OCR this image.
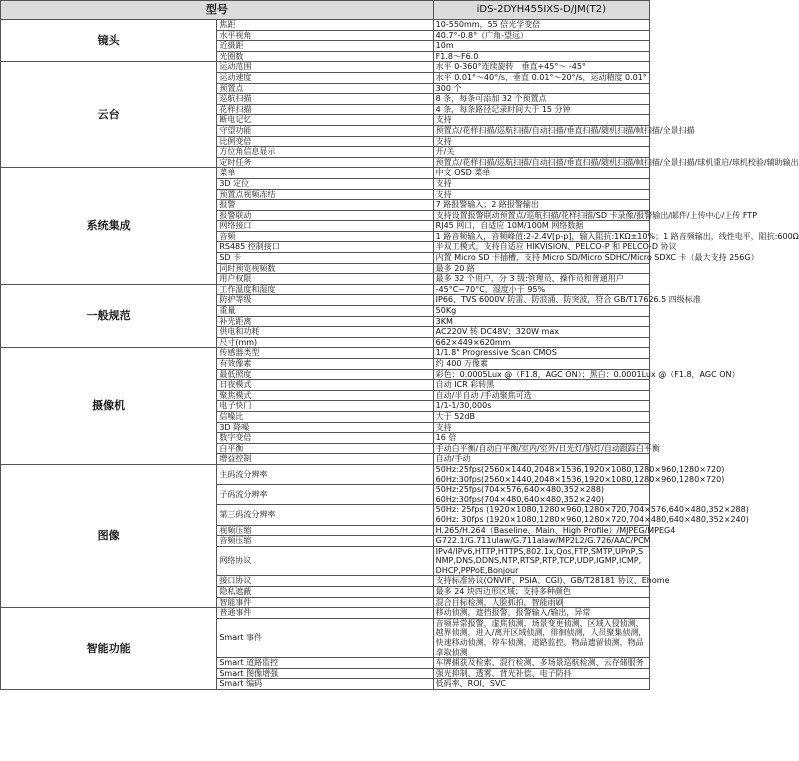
型号		iDS-2DYH455IXS-D/JM(T2)
镜头	焦距	10-550mm，55 倍光学变倍
	水平视角	40.7°-0.8°（广角-望远）
	近摄距	10m
	光圈数	F1.8～F6.0
云台	运动范围	水平 0-360°连续旋转　垂直+45°～ -45°
	运动速度	水平 0.01°～40°/s，垂直 0.01°～20°/s，运动精度 0.01°
	预置点	300 个
	巡航扫描	8 条，每条可添加 32 个预置点
	花样扫描	4 条，每条路径记录时间大于 15 分钟
	断电记忆	支持
	守望功能	预置点/花样扫描/巡航扫描/自动扫描/垂直扫描/随机扫描/帧扫描/全景扫描
	比例变倍	支持
	方位角信息显示	开/关
	定时任务	预置点/花样扫描/巡航扫描/自动扫描/垂直扫描/随机扫描/帧扫描/全景扫描/球机重启/球机校验/辅助输出
系统集成	菜单	中文 OSD 菜单
	3D 定位	支持
	预置点视频冻结	支持
	报警	7 路报警输入；2 路报警输出
	报警联动	支持设置报警联动预置点/巡航扫描/花样扫描/SD 卡录像/报警输出/邮件/上传中心/上传 FTP
	网络接口	RJ45 网口，自适应 10M/100M 网络数据
	音频	1 路音频输入，音频峰值:2-2.4V[p-p]，输入阻抗:1KΩ±10%；1 路音频输出，线性电平，阻抗:600Ω
	RS485 控制接口	半双工模式，支持自适应 HIKVISION、PELCO-P 和 PELCO-D 协议
	SD 卡	内置 Micro SD 卡插槽，支持 Micro SD/Micro SDHC/Micro SDXC 卡（最大支持 256G）
	同时预览视频数	最多 20 路
	用户权限	最多 32 个用户，分 3 级:管理员、操作员和普通用户
一般规范	工作温度和湿度	-45°C~70°C，湿度小于 95%
	防护等级	IP66、TVS 6000V 防雷、防浪涌、防突波，符合 GB/T17626.5 四级标准
	重量	50Kg
	补光距离	3KM
	供电和功耗	AC220V 转 DC48V；320W max
	尺寸(mm)	662×449×620mm
摄像机	传感器类型	1/1.8" Progressive Scan CMOS
	有效像素	约 400 万像素
	最低照度	彩色：0.0005Lux @（F1.8，AGC ON）；黑白：0.0001Lux @（F1.8，AGC ON）
	日夜模式	自动 ICR 彩转黑
	聚焦模式	自动/半自动 /手动聚焦可选
	电子快门	1/1-1/30,000s
	信噪比	大于 52dB
	3D 降噪	支持
	数字变倍	16 倍
	白平衡	手动白平衡/自动白平衡/室内/室外/日光灯/钠灯/自动跟踪白平衡
	增益控制	自动/手动
图像	主码流分辨率	50Hz:25fps(2560×1440,2048×1536,1920×1080,1280×960,1280×720)
60Hz:30fps(2560×1440,2048×1536,1920×1080,1280×960,1280×720)
	子码流分辨率	50Hz:25fps(704×576,640×480,352×288)
60Hz:30fps(704×480,640×480,352×240)
	第三码流分辨率	50Hz: 25fps (1920×1080,1280×960,1280×720,704×576,640×480,352×288)
60Hz: 30fps (1920×1080,1280×960,1280×720,704×480,640×480,352×240)
	视频压缩	H.265/H.264（Baseline、Main、High Profile）/MJPEG/MPEG4
	音频压缩	G722.1/G.711ulaw/G.711alaw/MP2L2/G.726/AAC/PCM
	网络协议	IPv4/IPv6,HTTP,HTTPS,802.1x,Qos,FTP,SMTP,UPnP,SNMP,DNS,DDNS,NTP,RTSP,RTP,TCP,UDP,IGMP,ICMP,DHCP,PPPoE,Bonjour
	接口协议	支持标准协议(ONVIF、PSIA、CGI)、GB/T28181 协议、Ehome
	隐私遮蔽	最多 24 块四边形区域；支持多种颜色
	智能事件	混合目标检测，人脸抓拍，智能雨刷
智能功能	普通事件	移动侦测，遮挡报警，报警输入/输出，异常
	Smart 事件	音频异常报警，虚焦侦测，场景变更侦测，区域入侵侦测，越界侦测，进入/离开区域侦测，徘徊侦测，人员聚集侦测，快速移动侦测，停车侦测，道路监控，物品遗留侦测，物品拿取侦测
	Smart 道路监控	车牌捕获及检索、混行检测、多场景巡航检测、云存储服务
	Smart 图像增强	强光抑制、透雾、背光补偿、电子防抖
	Smart 编码	低码率、ROI、SVC
